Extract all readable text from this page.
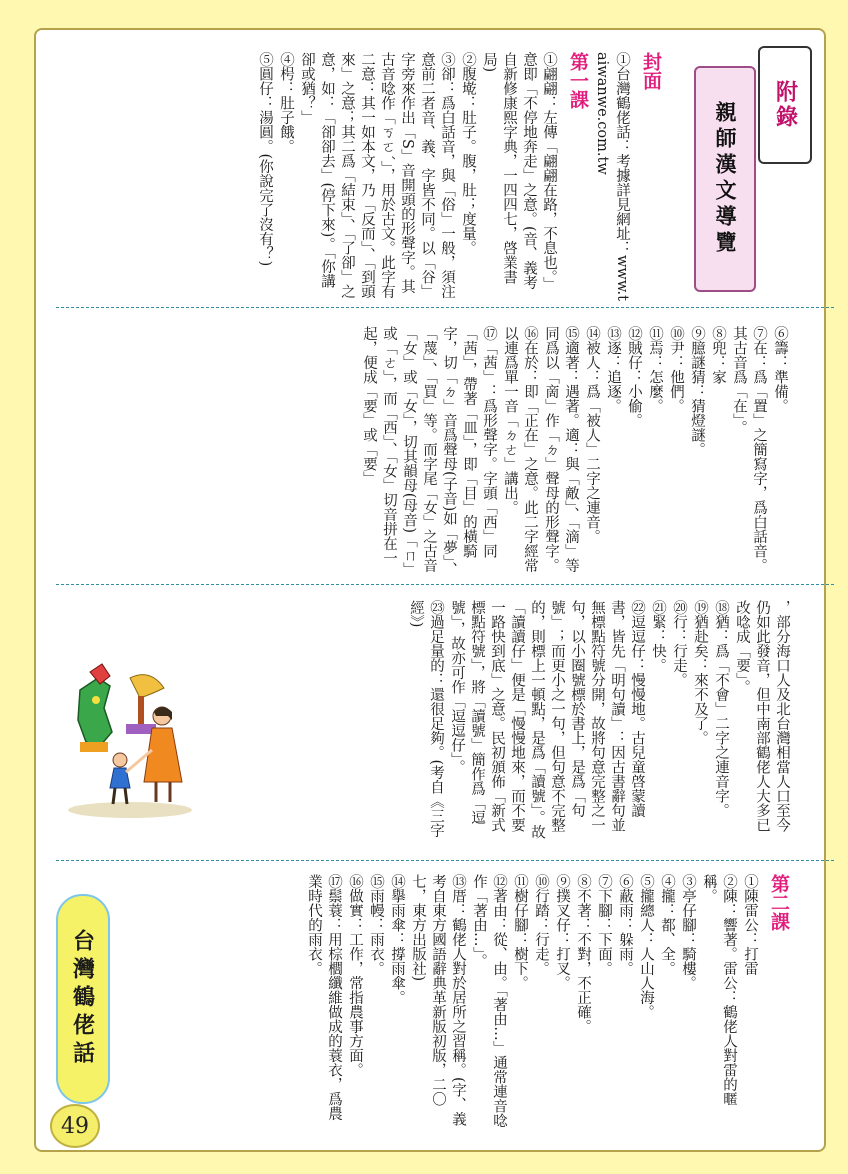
附錄
親師漢文導覽

封面

①台灣鶴佬話：考據詳見網址：www.taiwanwe.com.tw

第一課

①翩翩：左傳「翩翩在路，不息也。」意即「不停地奔走」之意。(音、義考自新修康熙字典，一四四七，啓業書局)

②腹墘：肚子。腹，肚；度量。

③卻：爲白話音，與「俗」一般，須注意前二者音、義、字皆不同。以「谷」字旁來作出「S」音開頭的形聲字。其古音唸作「ㄎㄛˊ」，用於古文。此字有二意：其一如本文，乃「反而」、「到頭來」之意；其二爲「結束」、「了卻」之意，如：「卻卻去」(停下來)。「你講卻或猶？」

④枵：肚子餓。

⑤圓仔：湯圓。(你說完了沒有？)

⑥籌：準備。

⑦在：爲「置」之簡寫字，爲白話音。其古音爲「在」。

⑧兜：家

⑨臆謎猜：猜燈謎。

⑩尹：他們。

⑪焉：怎麼。

⑫賊仔：小偷。

⑬逐：追逐。

⑭被人：爲「被人」二字之連音。

⑮適著：遇著。適：與「敵」、「滴」等同爲以「啇」作「ㄉ」聲母的形聲字。

⑯在於：即「正在」之意。此二字經常以連爲單一音「ㄉㄜ」講出。

⑰「茜」：爲形聲字。字頭「西」同「茜」，帶著「皿」，即「目」的橫騎字，切「ㄉ」音爲聲母(子音)如「夢」、「蔑」、「買」等。而字尾「女」之古音「女」或「女」，切其韻母(母音)「ㄇ」或「ㄜ」，而「西」、「女」切音拼在一起，便成「要」或「要」

，部分海口人及北台灣相當人口至今仍如此發音，但中南部鶴佬人大多已改唸成「要」。

⑱猶：爲「不會」二字之連音字。

⑲猶赴矣：來不及了。

⑳行：行走。

㉑緊：快。

㉒逗逗仔：慢慢地。古兒童啓蒙讀書，皆先「明句讀」：因古書辭句並無標點符號分開，故將句意完整之一句，以小圈號標於書上，是爲「句號」；而更小之一句，但句意不完整的，則標上一頓點，是爲「讀號」。故「讀讀仔」便是「慢慢地來，而不要一路快到底」之意。民初頒佈「新式標點符號」，將「讀號」簡作爲「逗號」，故亦可作「逗逗仔」。

㉓過足量的：還很足夠。(考自《三字經》)

第二課

①陳雷公：打雷

②陳：響著。雷公：鶴佬人對雷的暱稱。

③亭仔腳：騎樓。

④攏：都、全。

⑤攏總人：人山人海。

⑥蔽雨：躲雨。

⑦下腳：下面。

⑧不著：不對，不正確。

⑨撲叉仔：打叉。

⑩行踏：行走。

⑪樹仔腳：樹下。

⑫著由：從、由。「著由…」通常連音唸作「著由…」。

⑬厝：鶴佬人對於居所之習稱。(字、義考自東方國語辭典革新版初版，二〇七，東方出版社)

⑭擧雨傘：撐雨傘。

⑮雨幔：雨衣。

⑯做實：工作，常指農事方面。

⑰鬃蓑：用棕櫚纖維做成的蓑衣，爲農業時代的雨衣。

台灣鶴佬話
49
